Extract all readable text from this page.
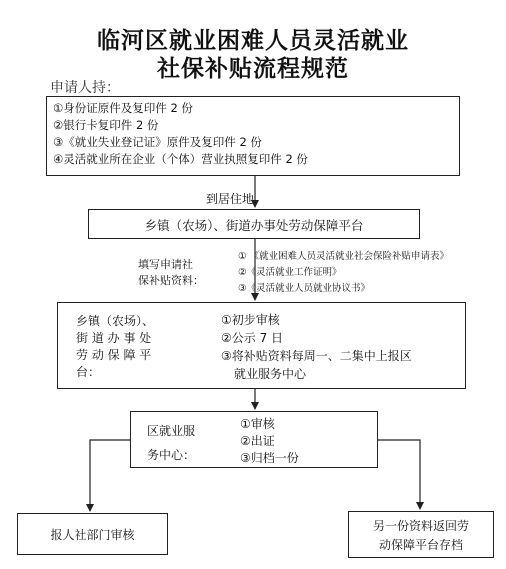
临河区就业困难人员灵活就业
社保补贴流程规范
申请人持：
①身份证原件及复印件 2 份
②银行卡复印件 2 份
③《就业失业登记证》原件及复印件 2 份
④灵活就业所在企业（个体）营业执照复印件 2 份
到居住地
乡镇（农场）、街道办事处劳动保障平台
填写申请社
保补贴资料：
① 《就业困难人员灵活就业社会保险补贴申请表》
②《灵活就业工作证明》
③《灵活就业人员就业协议书》
乡镇（农场）、
街 道 办 事 处
劳 动 保 障 平
台：
①初步审核
②公示 7 日
③将补贴资料每周一、二集中上报区
就业服务中心
区就业服
务中心：
①审核
②出证
③归档一份
报人社部门审核
另一份资料返回劳
动保障平台存档
